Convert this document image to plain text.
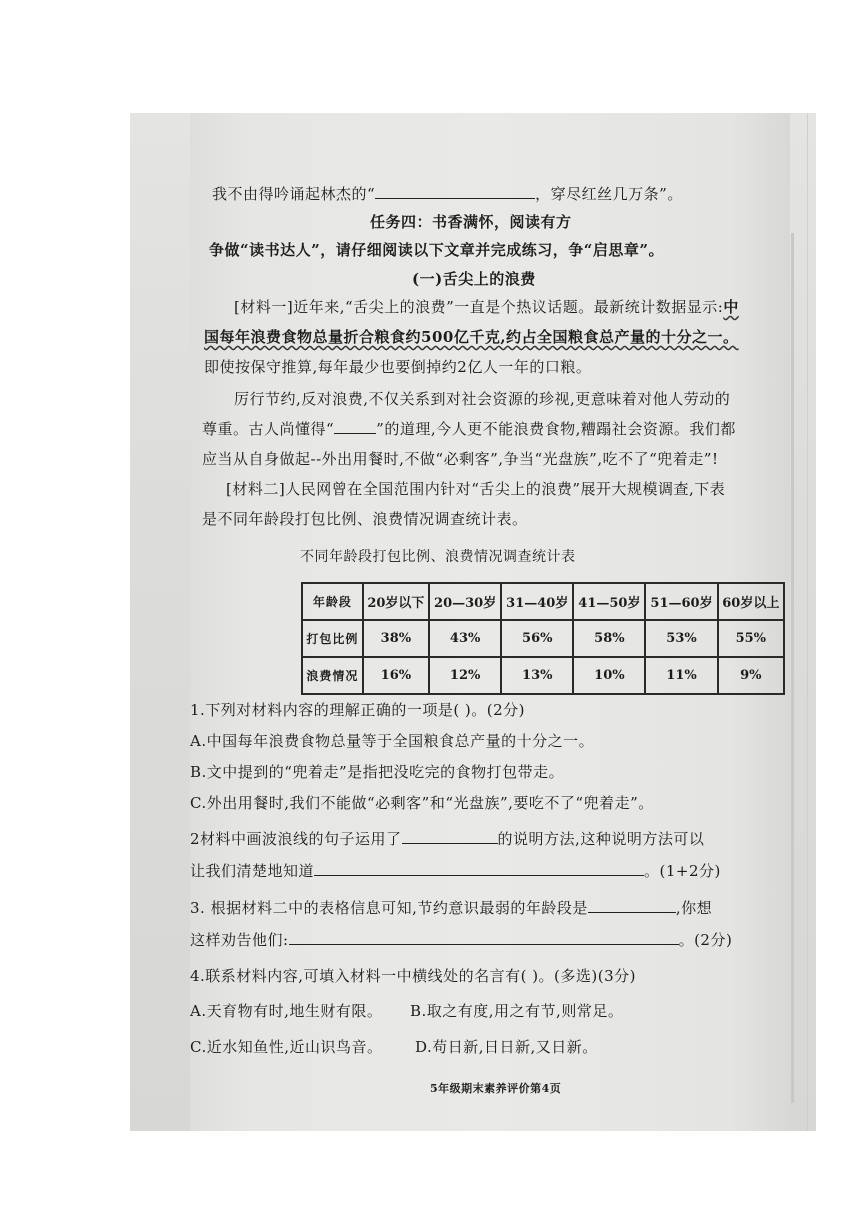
我不由得吟诵起林杰的“	，穿尽红丝几万条”。
任务四：书香满怀，阅读有方
争做“读书达人”，请仔细阅读以下文章并完成练习，争“启思章”。
(一)舌尖上的浪费
[材料一]近年来,“舌尖上的浪费”一直是个热议话题。最新统计数据显示:中
国每年浪费食物总量折合粮食约500亿千克,约占全国粮食总产量的十分之一。
即使按保守推算,每年最少也要倒掉约2亿人一年的口粮。
厉行节约,反对浪费,不仅关系到对社会资源的珍视,更意味着对他人劳动的
尊重。古人尚懂得“	”的道理,今人更不能浪费食物,糟蹋社会资源。我们都
应当从自身做起--外出用餐时,不做“必剩客”,争当“光盘族”,吃不了“兜着走”!
[材料二]人民网曾在全国范围内针对“舌尖上的浪费”展开大规模调查,下表
是不同年龄段打包比例、浪费情况调查统计表。
不同年龄段打包比例、浪费情况调查统计表
年龄段	20岁以下	20—30岁	31—40岁	41—50岁	51—60岁	60岁以上
打包比例	38%	43%	56%	58%	53%	55%
浪费情况	16%	12%	13%	10%	11%	9%
1.下列对材料内容的理解正确的一项是( )。(2分)
A.中国每年浪费食物总量等于全国粮食总产量的十分之一。
B.文中提到的“兜着走”是指把没吃完的食物打包带走。
C.外出用餐时,我们不能做“必剩客”和“光盘族”,要吃不了“兜着走”。
2材料中画波浪线的句子运用了	的说明方法,这种说明方法可以
让我们清楚地知道	。(1+2分)
3. 根据材料二中的表格信息可知,节约意识最弱的年龄段是	,你想
这样劝告他们:	。(2分)
4.联系材料内容,可填入材料一中横线处的名言有( )。(多选)(3分)
A.天育物有时,地生财有限。 B.取之有度,用之有节,则常足。
C.近水知鱼性,近山识鸟音。 D.苟日新,日日新,又日新。
5年级期末素养评价第4页
